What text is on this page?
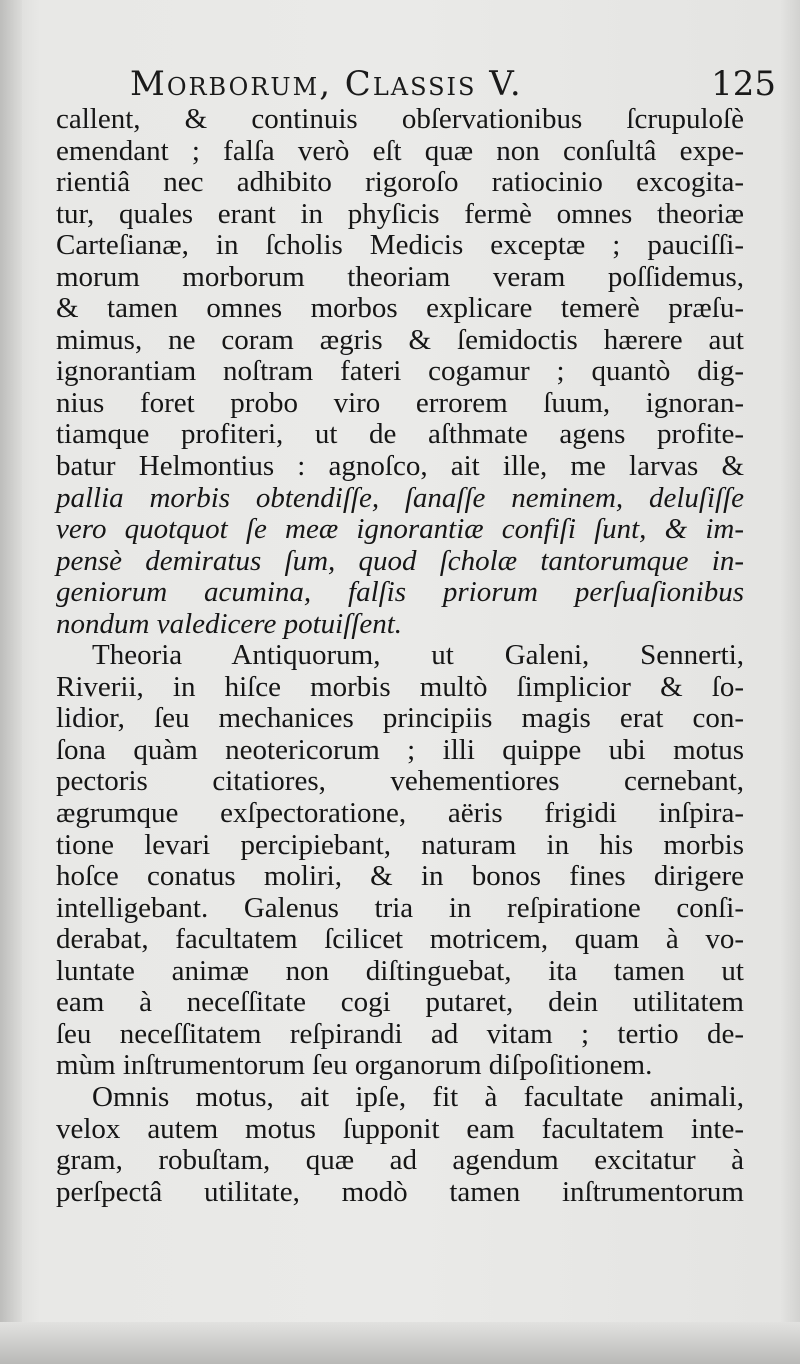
Morborum, Classis V.	125
callent, & continuis obſervationibus ſcrupuloſè
emendant ; falſa verò eſt quæ non conſultâ expe-
rientiâ nec adhibito rigoroſo ratiocinio excogita-
tur, quales erant in phyſicis fermè omnes theoriæ
Carteſianæ, in ſcholis Medicis exceptæ ; pauciſſi-
morum morborum theoriam veram poſſidemus,
& tamen omnes morbos explicare temerè præſu-
mimus, ne coram ægris & ſemidoctis hærere aut
ignorantiam noſtram fateri cogamur ; quantò dig-
nius foret probo viro errorem ſuum, ignoran-
tiamque profiteri, ut de aſthmate agens profite-
batur Helmontius : agnoſco, ait ille, me larvas &
pallia morbis obtendiſſe, ſanaſſe neminem, deluſiſſe
vero quotquot ſe meæ ignorantiæ confiſi ſunt, & im-
pensè demiratus ſum, quod ſcholæ tantorumque in-
geniorum acumina, falſis priorum perſuaſionibus
nondum valedicere potuiſſent.
Theoria Antiquorum, ut Galeni, Sennerti,
Riverii, in hiſce morbis multò ſimplicior & ſo-
lidior, ſeu mechanices principiis magis erat con-
ſona quàm neotericorum ; illi quippe ubi motus
pectoris citatiores, vehementiores cernebant,
ægrumque exſpectoratione, aëris frigidi inſpira-
tione levari percipiebant, naturam in his morbis
hoſce conatus moliri, & in bonos fines dirigere
intelligebant. Galenus tria in reſpiratione conſi-
derabat, facultatem ſcilicet motricem, quam à vo-
luntate animæ non diſtinguebat, ita tamen ut
eam à neceſſitate cogi putaret, dein utilitatem
ſeu neceſſitatem reſpirandi ad vitam ; tertio de-
mùm inſtrumentorum ſeu organorum diſpoſitionem.
Omnis motus, ait ipſe, fit à facultate animali,
velox autem motus ſupponit eam facultatem inte-
gram, robuſtam, quæ ad agendum excitatur à
perſpectâ utilitate, modò tamen inſtrumentorum
